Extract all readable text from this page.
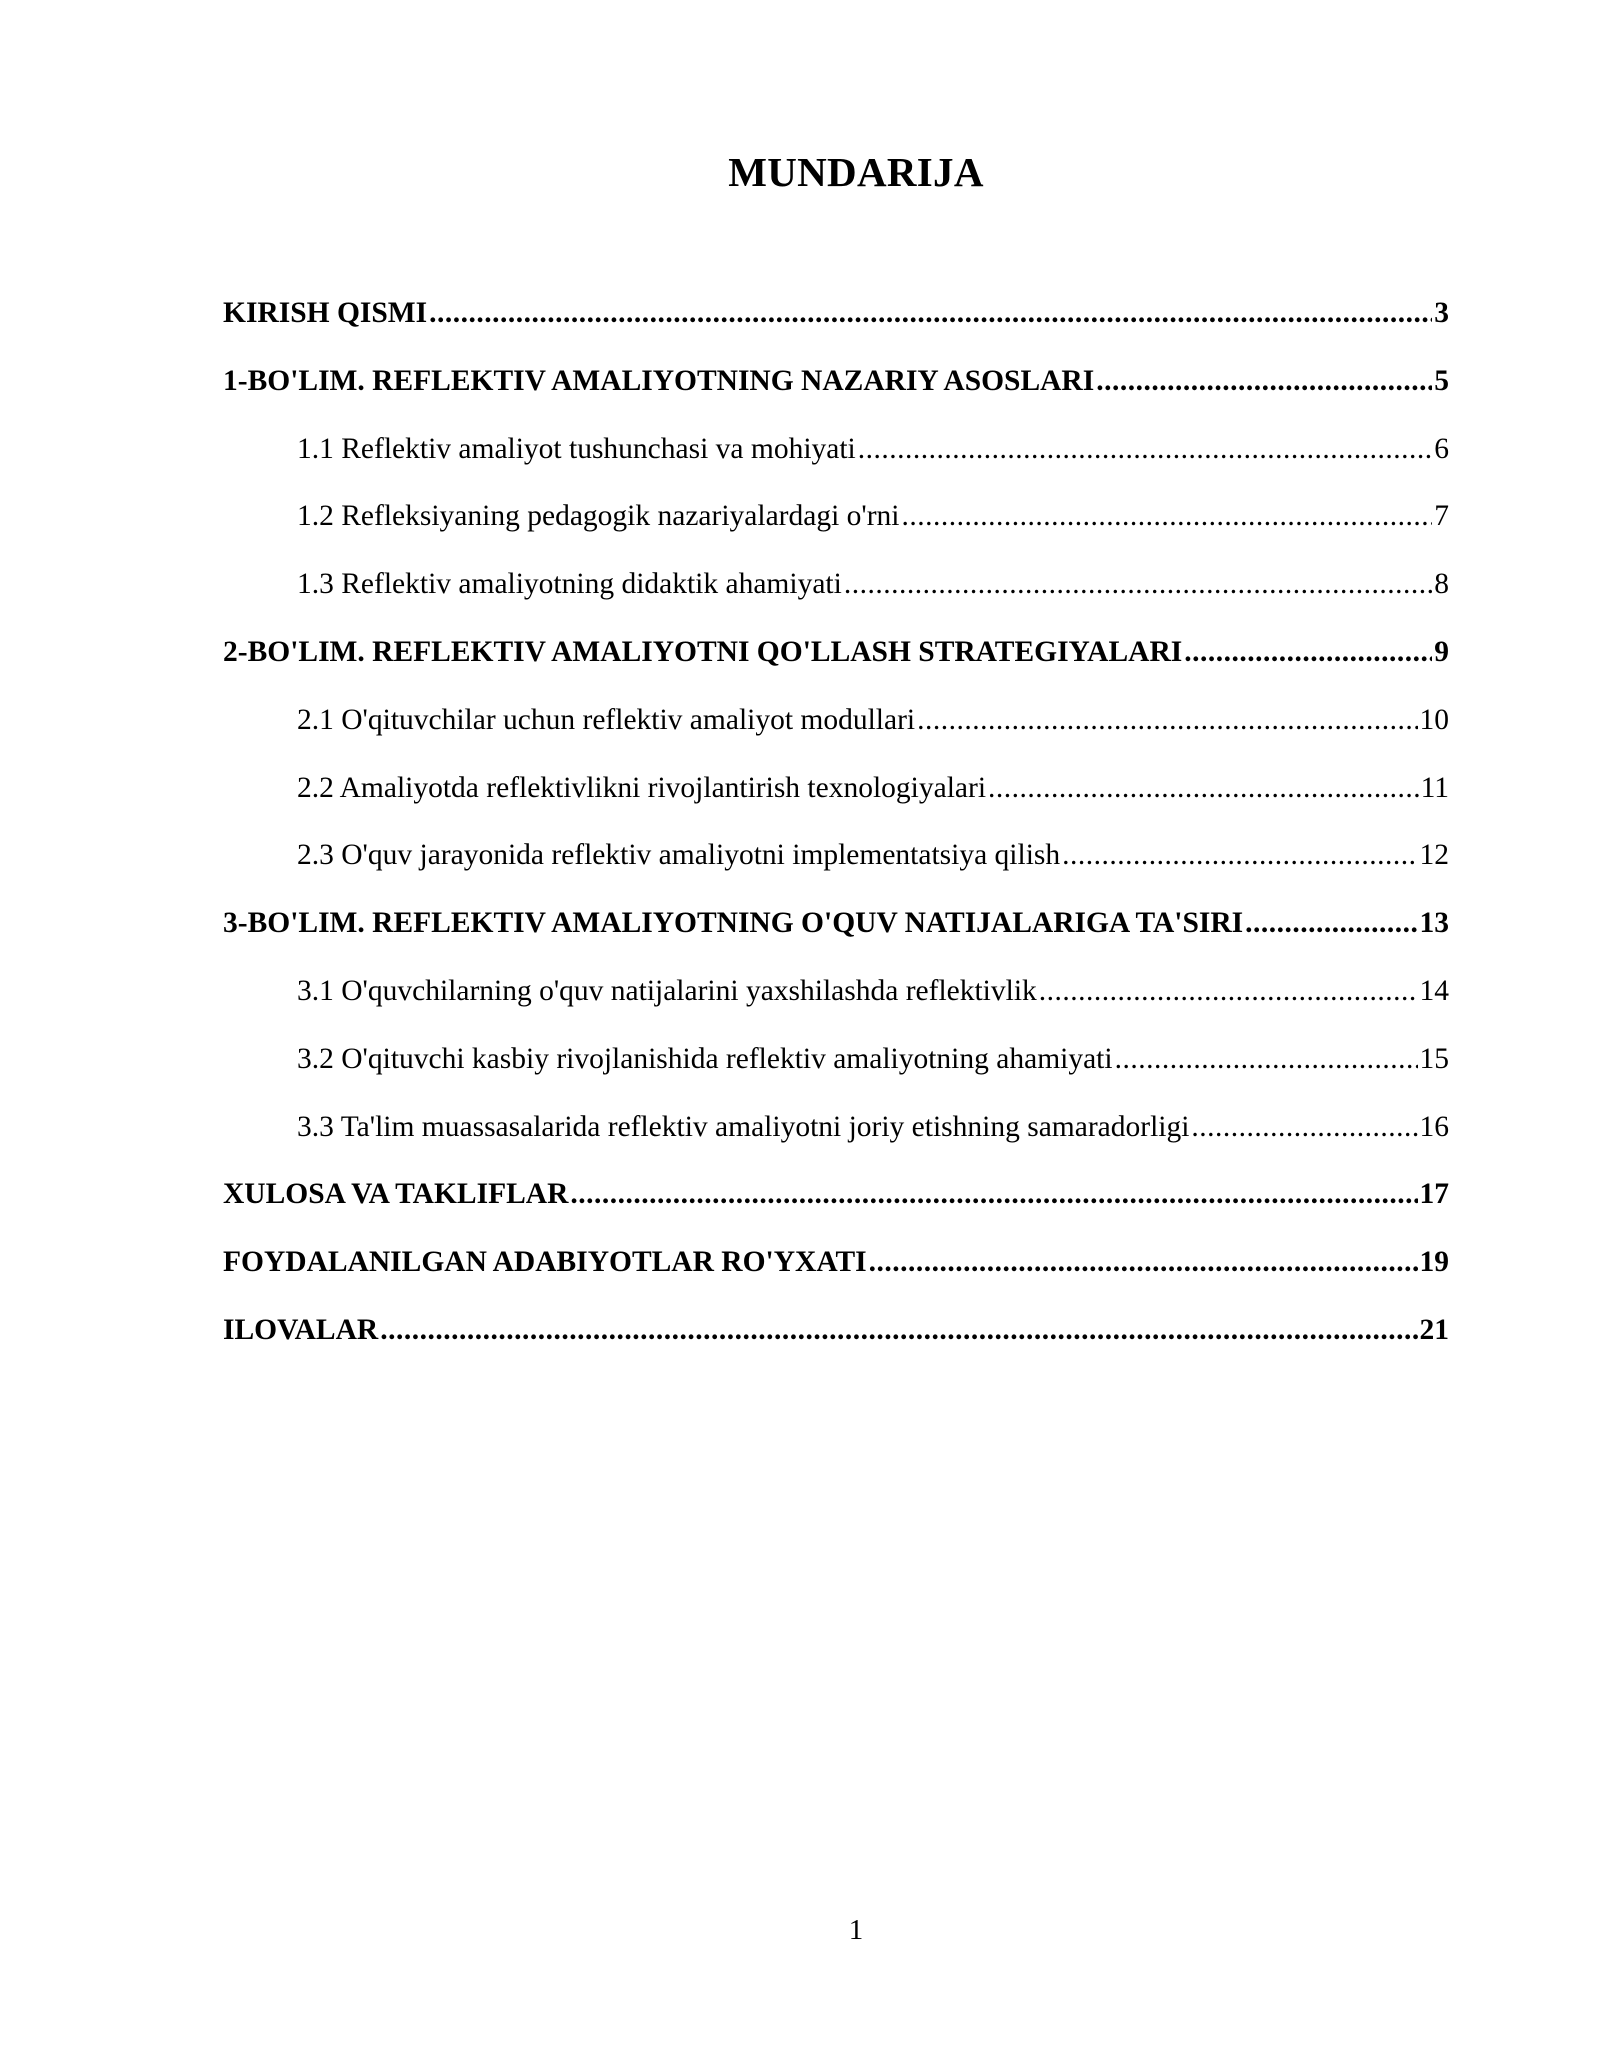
MUNDARIJA
KIRISH QISMI .....	3
1-BO'LIM. REFLEKTIV AMALIYOTNING NAZARIY ASOSLARI .....	5
1.1 Reflektiv amaliyot tushunchasi va mohiyati .....	6
1.2 Refleksiyaning pedagogik nazariyalardagi o'rni .....	7
1.3 Reflektiv amaliyotning didaktik ahamiyati .....	8
2-BO'LIM. REFLEKTIV AMALIYOTNI QO'LLASH STRATEGIYALARI .....	9
2.1 O'qituvchilar uchun reflektiv amaliyot modullari .....	10
2.2 Amaliyotda reflektivlikni rivojlantirish texnologiyalari .....	11
2.3 O'quv jarayonida reflektiv amaliyotni implementatsiya qilish .....	12
3-BO'LIM. REFLEKTIV AMALIYOTNING O'QUV NATIJALARIGA TA'SIRI .....	13
3.1 O'quvchilarning o'quv natijalarini yaxshilashda reflektivlik .....	14
3.2 O'qituvchi kasbiy rivojlanishida reflektiv amaliyotning ahamiyati .....	15
3.3 Ta'lim muassasalarida reflektiv amaliyotni joriy etishning samaradorligi .....	16
XULOSA VA TAKLIFLAR .....	17
FOYDALANILGAN ADABIYOTLAR RO'YXATI .....	19
ILOVALAR .....	21

1
